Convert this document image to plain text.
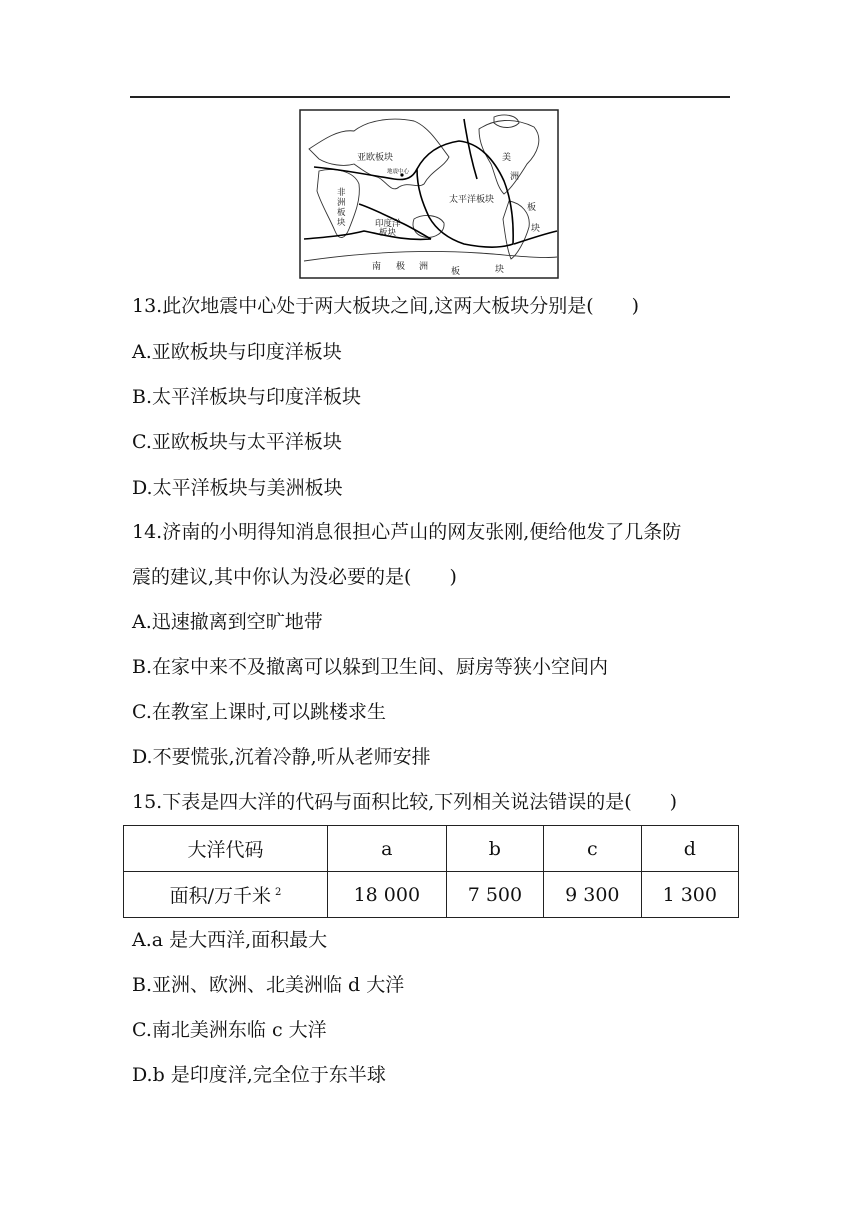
亚欧板块
地震中心
非
洲
板
块	印度洋
板块
太平洋板块
美
洲
板
块
南 极 洲	板	块
13.此次地震中心处于两大板块之间,这两大板块分别是(　　)
A.亚欧板块与印度洋板块
B.太平洋板块与印度洋板块
C.亚欧板块与太平洋板块
D.太平洋板块与美洲板块
14.济南的小明得知消息很担心芦山的网友张刚,便给他发了几条防
震的建议,其中你认为没必要的是(　　)
A.迅速撤离到空旷地带
B.在家中来不及撤离可以躲到卫生间、厨房等狭小空间内
C.在教室上课时,可以跳楼求生
D.不要慌张,沉着冷静,听从老师安排
15.下表是四大洋的代码与面积比较,下列相关说法错误的是(　　)
大洋代码	a	b	c	d
面积/万千米 $^2$	18 000	7 500	9 300	1 300
A.a 是大西洋,面积最大
B.亚洲、欧洲、北美洲临 d 大洋
C.南北美洲东临 c 大洋
D.b 是印度洋,完全位于东半球
